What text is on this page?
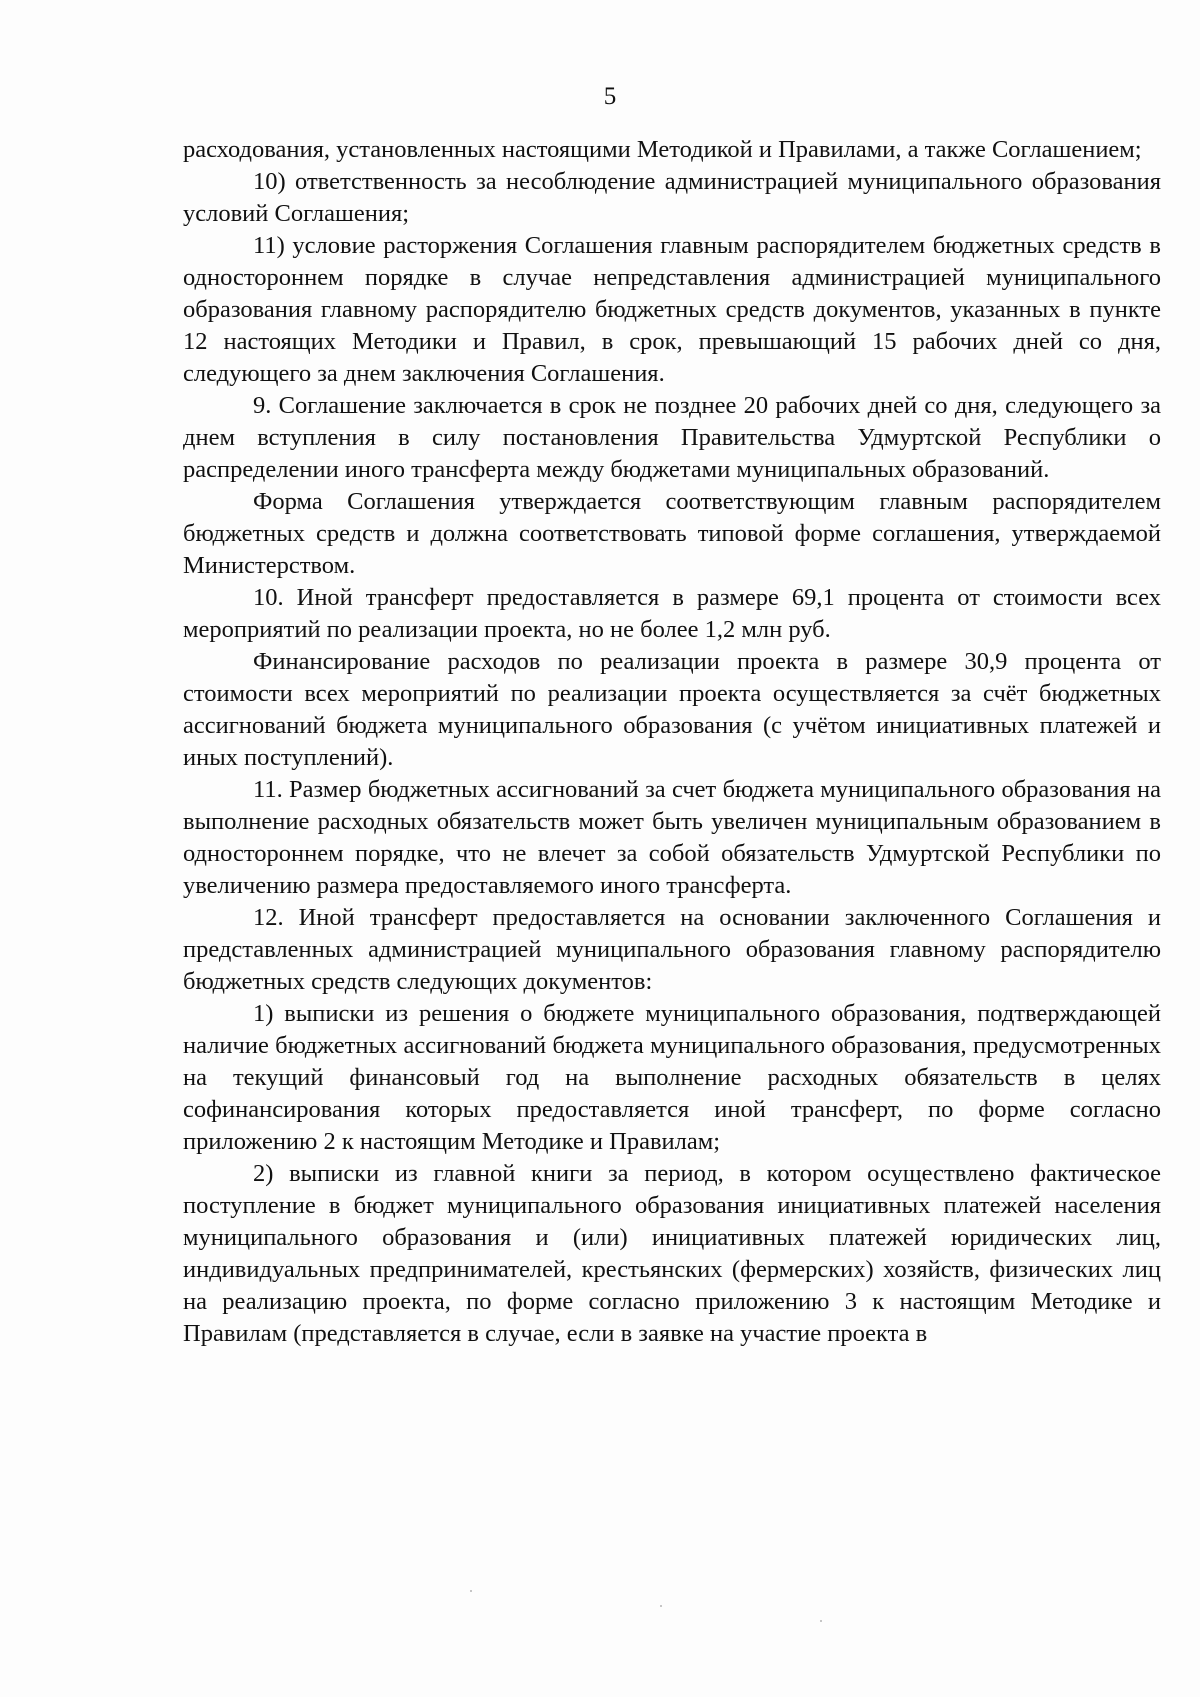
5

расходования, установленных настоящими Методикой и Правилами, а также Соглашением;

10) ответственность за несоблюдение администрацией муниципального образования условий Соглашения;

11) условие расторжения Соглашения главным распорядителем бюджетных средств в одностороннем порядке в случае непредставления администрацией муниципального образования главному распорядителю бюджетных средств документов, указанных в пункте 12 настоящих Методики и Правил, в срок, превышающий 15 рабочих дней со дня, следующего за днем заключения Соглашения.

9. Соглашение заключается в срок не позднее 20 рабочих дней со дня, следующего за днем вступления в силу постановления Правительства Удмуртской Республики о распределении иного трансферта между бюджетами муниципальных образований.

Форма Соглашения утверждается соответствующим главным распорядителем бюджетных средств и должна соответствовать типовой форме соглашения, утверждаемой Министерством.

10. Иной трансферт предоставляется в размере 69,1 процента от стоимости всех мероприятий по реализации проекта, но не более 1,2 млн руб.

Финансирование расходов по реализации проекта в размере 30,9 процента от стоимости всех мероприятий по реализации проекта осуществляется за счёт бюджетных ассигнований бюджета муниципального образования (с учётом инициативных платежей и иных поступлений).

11. Размер бюджетных ассигнований за счет бюджета муниципального образования на выполнение расходных обязательств может быть увеличен муниципальным образованием в одностороннем порядке, что не влечет за собой обязательств Удмуртской Республики по увеличению размера предоставляемого иного трансферта.

12. Иной трансферт предоставляется на основании заключенного Соглашения и представленных администрацией муниципального образования главному распорядителю бюджетных средств следующих документов:

1) выписки из решения о бюджете муниципального образования, подтверждающей наличие бюджетных ассигнований бюджета муниципального образования, предусмотренных на текущий финансовый год на выполнение расходных обязательств в целях софинансирования которых предоставляется иной трансферт, по форме согласно приложению 2 к настоящим Методике и Правилам;

2) выписки из главной книги за период, в котором осуществлено фактическое поступление в бюджет муниципального образования инициативных платежей населения муниципального образования и (или) инициативных платежей юридических лиц, индивидуальных предпринимателей, крестьянских (фермерских) хозяйств, физических лиц на реализацию проекта, по форме согласно приложению 3 к настоящим Методике и Правилам (представляется в случае, если в заявке на участие проекта в
